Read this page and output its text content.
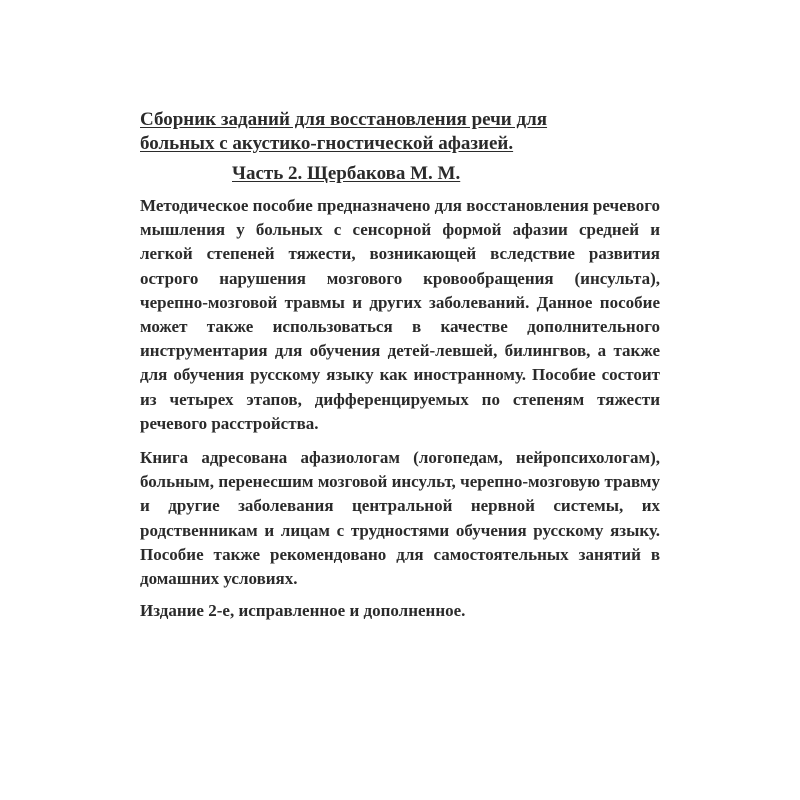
Сборник заданий для восстановления речи для
больных с акустико-гностической афазией.
Часть 2. Щербакова М. М.

Методическое пособие предназначено для восстановления речевого мышления у больных с сенсорной формой афазии средней и легкой степеней тяжести, возникающей вследствие развития острого нарушения мозгового кровообращения (инсульта), черепно-мозговой травмы и других заболеваний. Данное пособие может также использоваться в качестве дополнительного инструментария для обучения детей-левшей, билингвов, а также для обучения русскому языку как иностранному. Пособие состоит из четырех этапов, дифференцируемых по степеням тяжести речевого расстройства.

Книга адресована афазиологам (логопедам, нейропсихологам), больным, перенесшим мозговой инсульт, черепно-мозговую травму и другие заболевания центральной нервной системы, их родственникам и лицам с трудностями обучения русскому языку. Пособие также рекомендовано для самостоятельных занятий в домашних условиях.

Издание 2-е, исправленное и дополненное.
